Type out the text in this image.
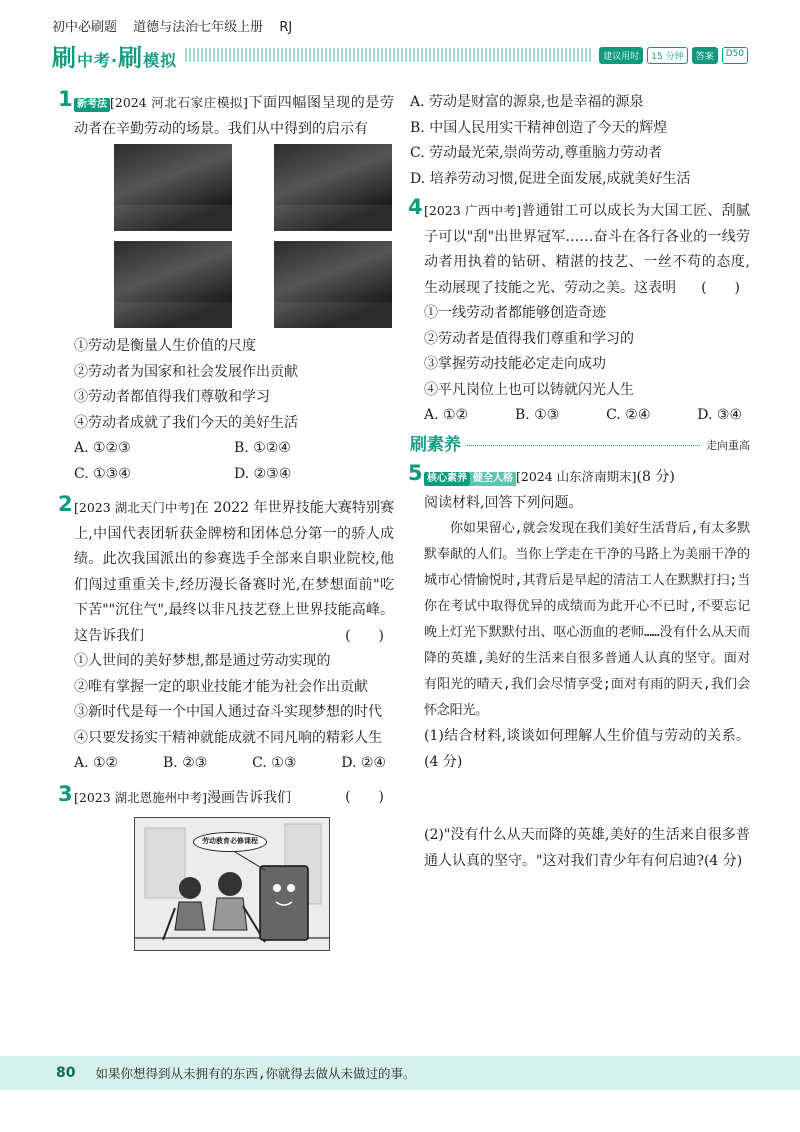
初中必刷题 道德与法治七年级上册 RJ
刷中考·刷模拟	建议用时	15 分钟	答案	D50
1 新考法 [2024 河北石家庄模拟]下面四幅图呈现的是劳动者在辛勤劳动的场景。我们从中得到的启示有
①劳动是衡量人生价值的尺度
②劳动者为国家和社会发展作出贡献
③劳动者都值得我们尊敬和学习
④劳动者成就了我们今天的美好生活
A. ①②③	B. ①②④
C. ①③④	D. ②③④
2 [2023 湖北天门中考]在 2022 年世界技能大赛特别赛上,中国代表团斩获金牌榜和团体总分第一的骄人成绩。此次我国派出的参赛选手全部来自职业院校,他们闯过重重关卡,经历漫长备赛时光,在梦想面前"吃下苦""沉住气",最终以非凡技艺登上世界技能高峰。这告诉我们	(　　)
①人世间的美好梦想,都是通过劳动实现的
②唯有掌握一定的职业技能才能为社会作出贡献
③新时代是每一个中国人通过奋斗实现梦想的时代
④只要发扬实干精神就能成就不同凡响的精彩人生
A. ①②	B. ②③	C. ①③	D. ②④
3 [2023 湖北恩施州中考]漫画告诉我们	(　　)
劳动教育必修课程
A. 劳动是财富的源泉,也是幸福的源泉
B. 中国人民用实干精神创造了今天的辉煌
C. 劳动最光荣,崇尚劳动,尊重脑力劳动者
D. 培养劳动习惯,促进全面发展,成就美好生活
4 [2023 广西中考]普通钳工可以成长为大国工匠、刮腻子可以"刮"出世界冠军……奋斗在各行各业的一线劳动者用执着的钻研、精湛的技艺、一丝不苟的态度,生动展现了技能之光、劳动之美。这表明 (　　)
①一线劳动者都能够创造奇迹
②劳动者是值得我们尊重和学习的
③掌握劳动技能必定走向成功
④平凡岗位上也可以铸就闪光人生
A. ①②	B. ①③	C. ②④	D. ③④
刷素养	走向重高
5 核心素养 健全人格 [2024 山东济南期末](8 分)
阅读材料,回答下列问题。

你如果留心,就会发现在我们美好生活背后,有太多默默奉献的人们。当你上学走在干净的马路上为美丽干净的城市心情愉悦时,其背后是早起的清洁工人在默默打扫;当你在考试中取得优异的成绩而为此开心不已时,不要忘记晚上灯光下默默付出、呕心沥血的老师……没有什么从天而降的英雄,美好的生活来自很多普通人认真的坚守。面对有阳光的晴天,我们会尽情享受;面对有雨的阴天,我们会怀念阳光。

(1)结合材料,谈谈如何理解人生价值与劳动的关系。(4 分)
(2)"没有什么从天而降的英雄,美好的生活来自很多普通人认真的坚守。"这对我们青少年有何启迪?(4 分)
80 如果你想得到从未拥有的东西,你就得去做从未做过的事。
